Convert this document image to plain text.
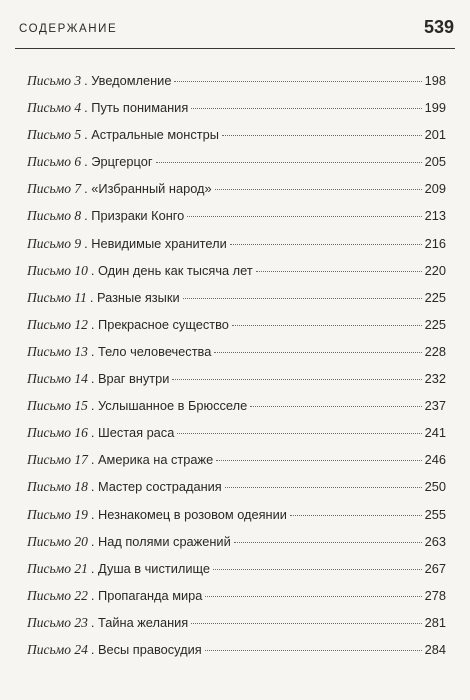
СОДЕРЖАНИЕ	539
Письмо 3 . Уведомление	198
Письмо 4 . Путь понимания	199
Письмо 5 . Астральные монстры	201
Письмо 6 . Эрцгерцог	205
Письмо 7 . «Избранный народ»	209
Письмо 8 . Призраки Конго	213
Письмо 9 . Невидимые хранители	216
Письмо 10 . Один день как тысяча лет	220
Письмо 11 . Разные языки	225
Письмо 12 . Прекрасное существо	225
Письмо 13 . Тело человечества	228
Письмо 14 . Враг внутри	232
Письмо 15 . Услышанное в Брюсселе	237
Письмо 16 . Шестая раса	241
Письмо 17 . Америка на страже	246
Письмо 18 . Мастер сострадания	250
Письмо 19 . Незнакомец в розовом одеянии	255
Письмо 20 . Над полями сражений	263
Письмо 21 . Душа в чистилище	267
Письмо 22 . Пропаганда мира	278
Письмо 23 . Тайна желания	281
Письмо 24 . Весы правосудия	284
